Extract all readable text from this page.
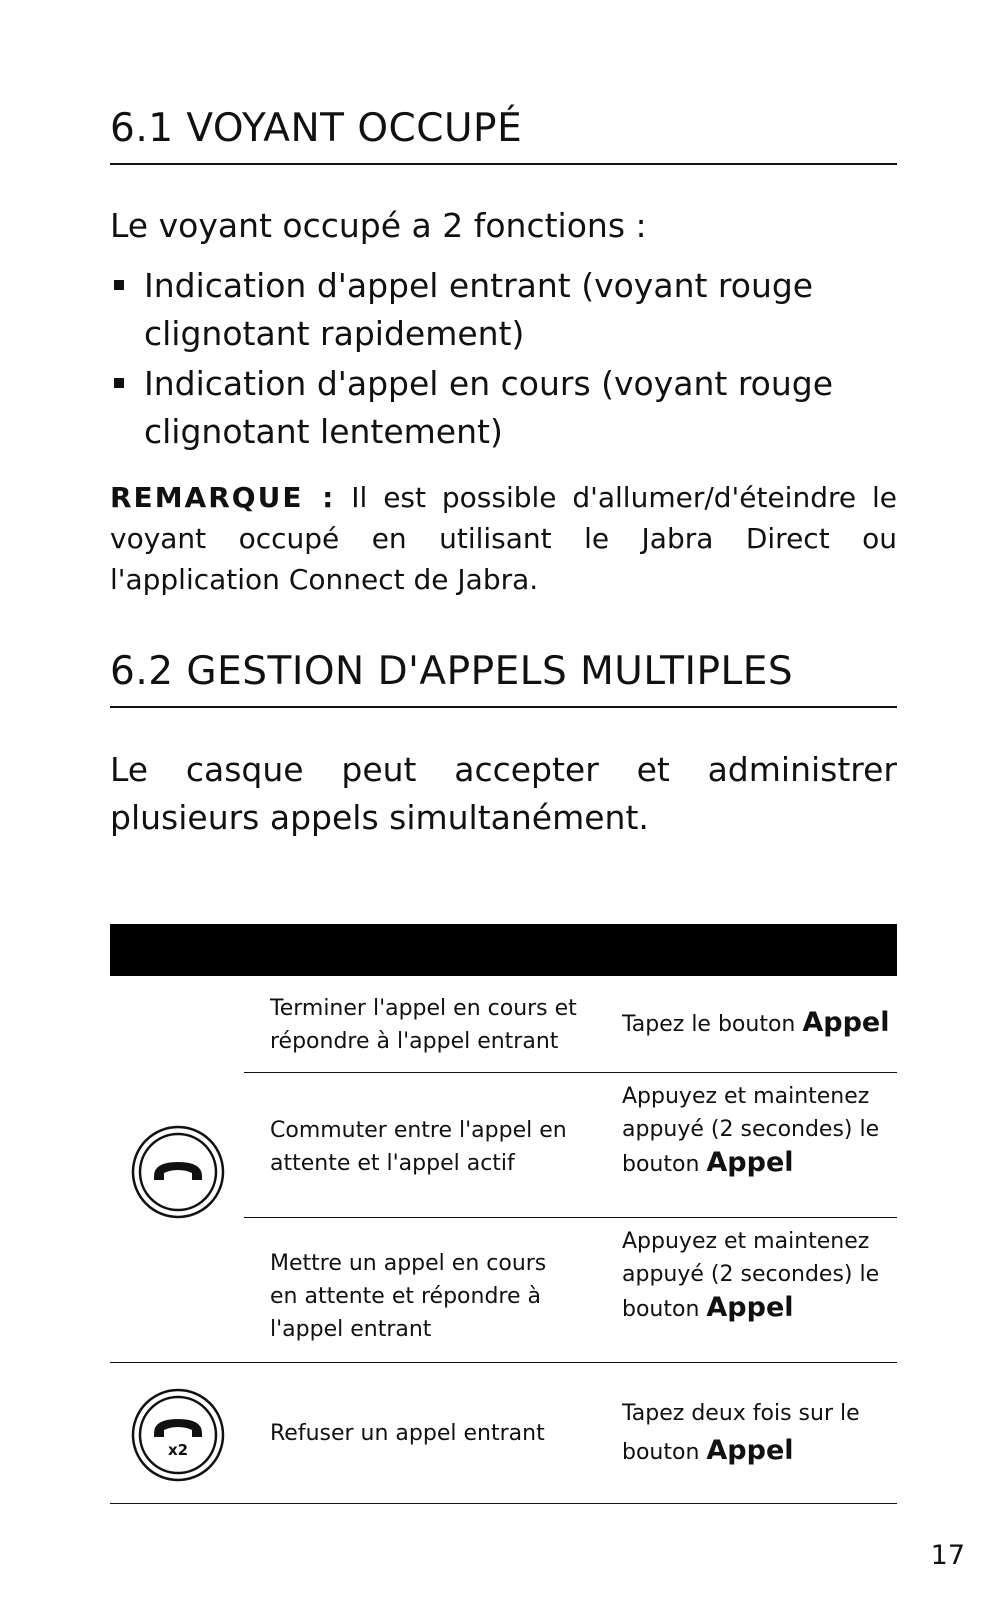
6.1 VOYANT OCCUPÉ
Le voyant occupé a 2 fonctions :
Indication d'appel entrant (voyant rouge clignotant rapidement)
Indication d'appel en cours (voyant rouge clignotant lentement)
REMARQUE : Il est possible d'allumer/d'éteindre le voyant occupé en utilisant le Jabra Direct ou l'application Connect de Jabra.
6.2 GESTION D'APPELS MULTIPLES
Le casque peut accepter et administrer plusieurs appels simultanément.
Terminer l'appel en cours et répondre à l'appel entrant
Tapez le bouton Appel
Commuter entre l'appel en attente et l'appel actif
Appuyez et maintenez appuyé (2 secondes) le bouton Appel
Mettre un appel en cours en attente et répondre à l'appel entrant
Appuyez et maintenez appuyé (2 secondes) le bouton Appel
Refuser un appel entrant
Tapez deux fois sur le bouton Appel
x2
17
